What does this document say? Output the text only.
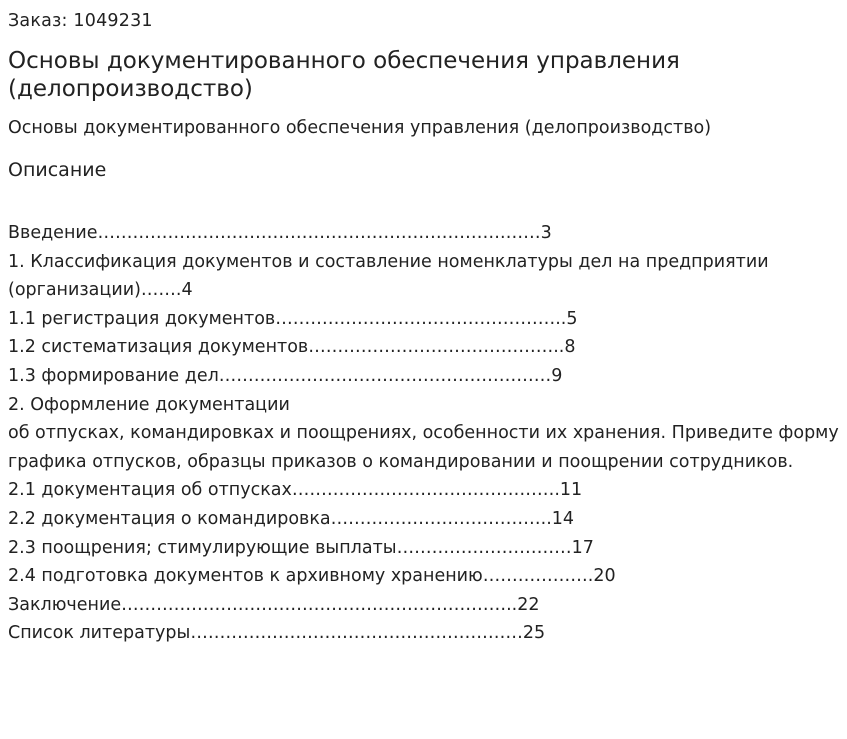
Заказ: 1049231

Основы документированного обеспечения управления (делопроизводство)

Основы документированного обеспечения управления (делопроизводство)

Описание

Введение…………………………………………………………….……3
1. Классификация документов и составление номенклатуры дел на предприятии (организации)…….4
1.1 регистрация документов…………………………………………..5
1.2 систематизация документов……………………………………..8
1.3 формирование дел…………………………………………………9
2. Оформление документации
об отпусках, командировках и поощрениях, особенности их хранения. Приведите форму графика отпусков, образцы приказов о командировании и поощрении сотрудников.
2.1 документация об отпусках……………………………………….11
2.2 документация о командировка………………………………..14
2.3 поощрения; стимулирующие выплаты…………………………17
2.4 подготовка документов к архивному хранению……………….20
Заключение…………………………………………………………..22
Список литературы…………………………………………………25
